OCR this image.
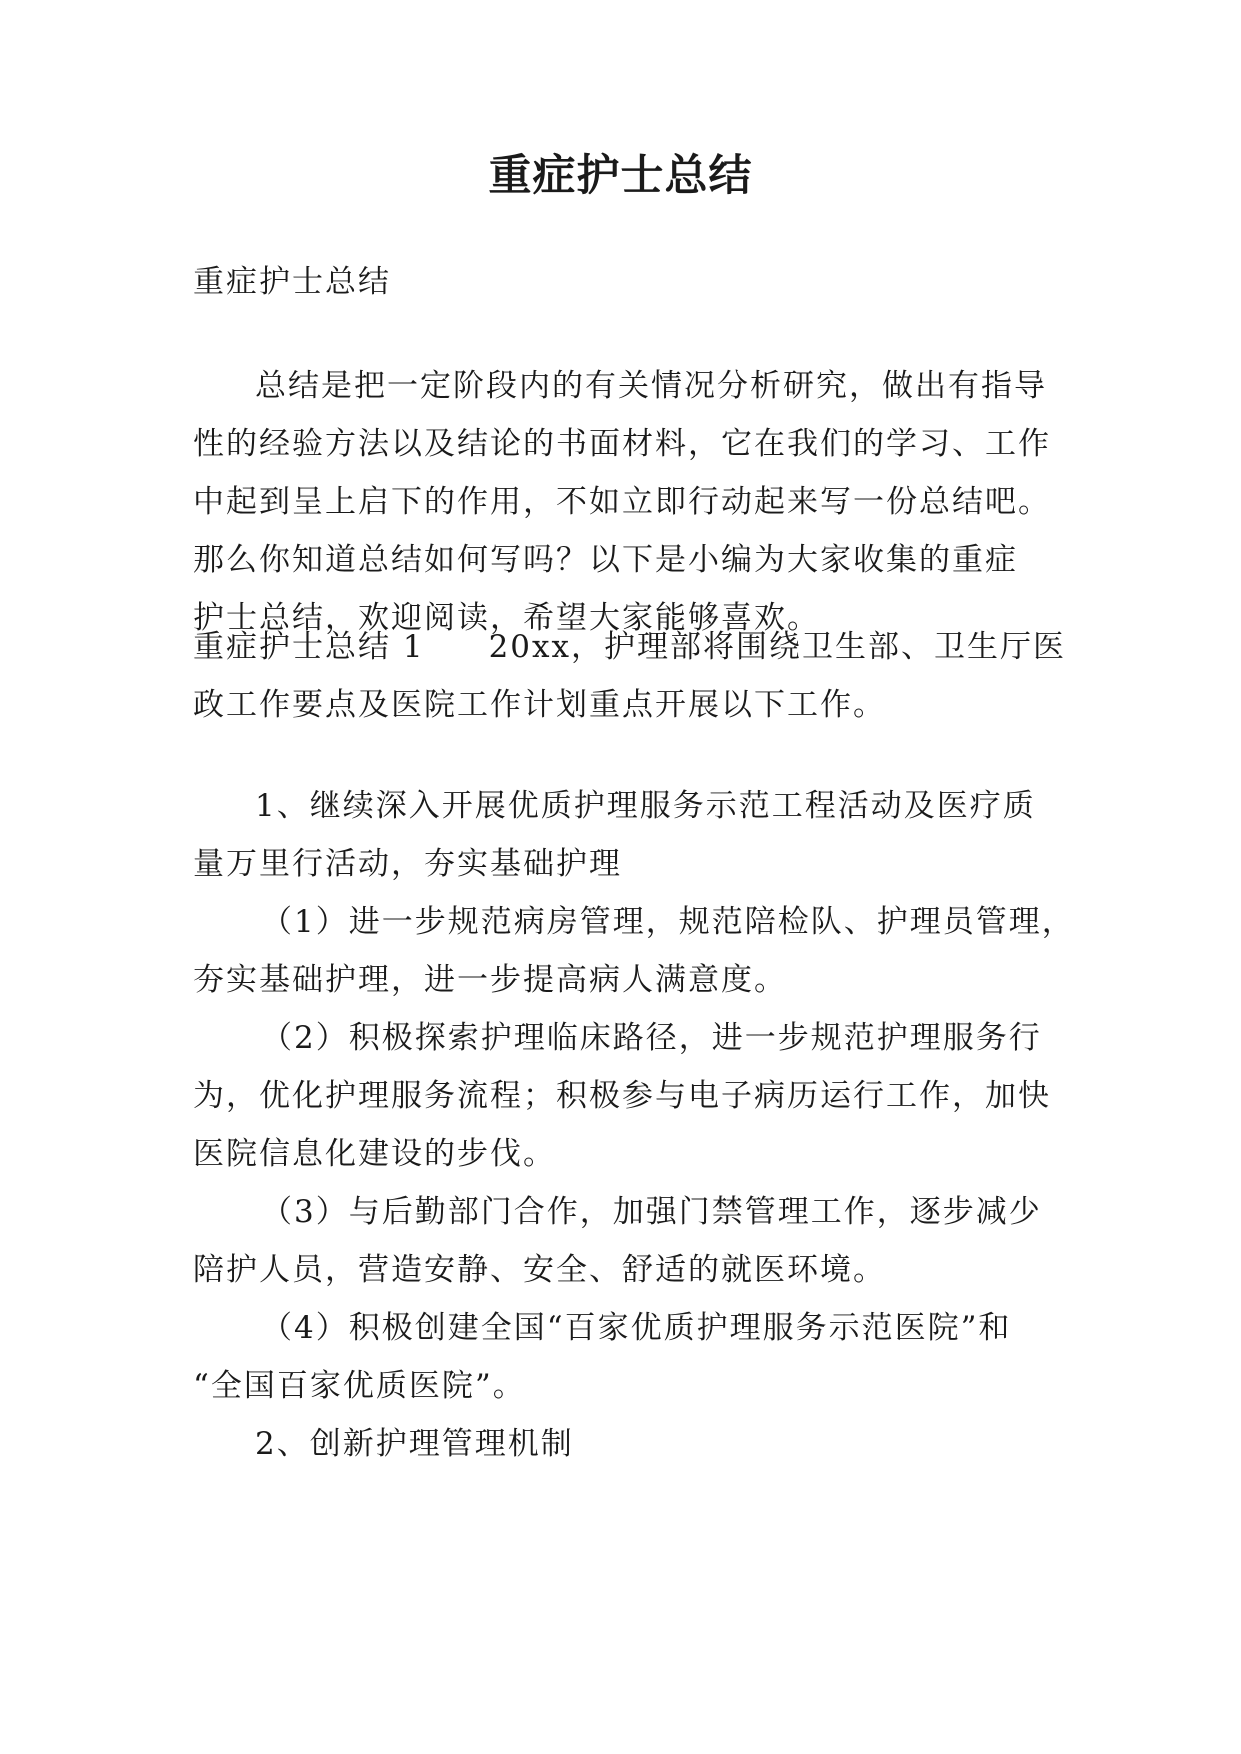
重症护士总结
重症护士总结
总结是把一定阶段内的有关情况分析研究，做出有指导
性的经验方法以及结论的书面材料，它在我们的学习、工作
中起到呈上启下的作用，不如立即行动起来写一份总结吧。
那么你知道总结如何写吗？以下是小编为大家收集的重症
护士总结，欢迎阅读，希望大家能够喜欢。
重症护士总结 1 20xx，护理部将围绕卫生部、卫生厅医
政工作要点及医院工作计划重点开展以下工作。
1、继续深入开展优质护理服务示范工程活动及医疗质
量万里行活动，夯实基础护理
（1）进一步规范病房管理，规范陪检队、护理员管理，
夯实基础护理，进一步提高病人满意度。
（2）积极探索护理临床路径，进一步规范护理服务行
为，优化护理服务流程；积极参与电子病历运行工作，加快
医院信息化建设的步伐。
（3）与后勤部门合作，加强门禁管理工作，逐步减少
陪护人员，营造安静、安全、舒适的就医环境。
（4）积极创建全国“百家优质护理服务示范医院”和
“全国百家优质医院”。
2、创新护理管理机制
